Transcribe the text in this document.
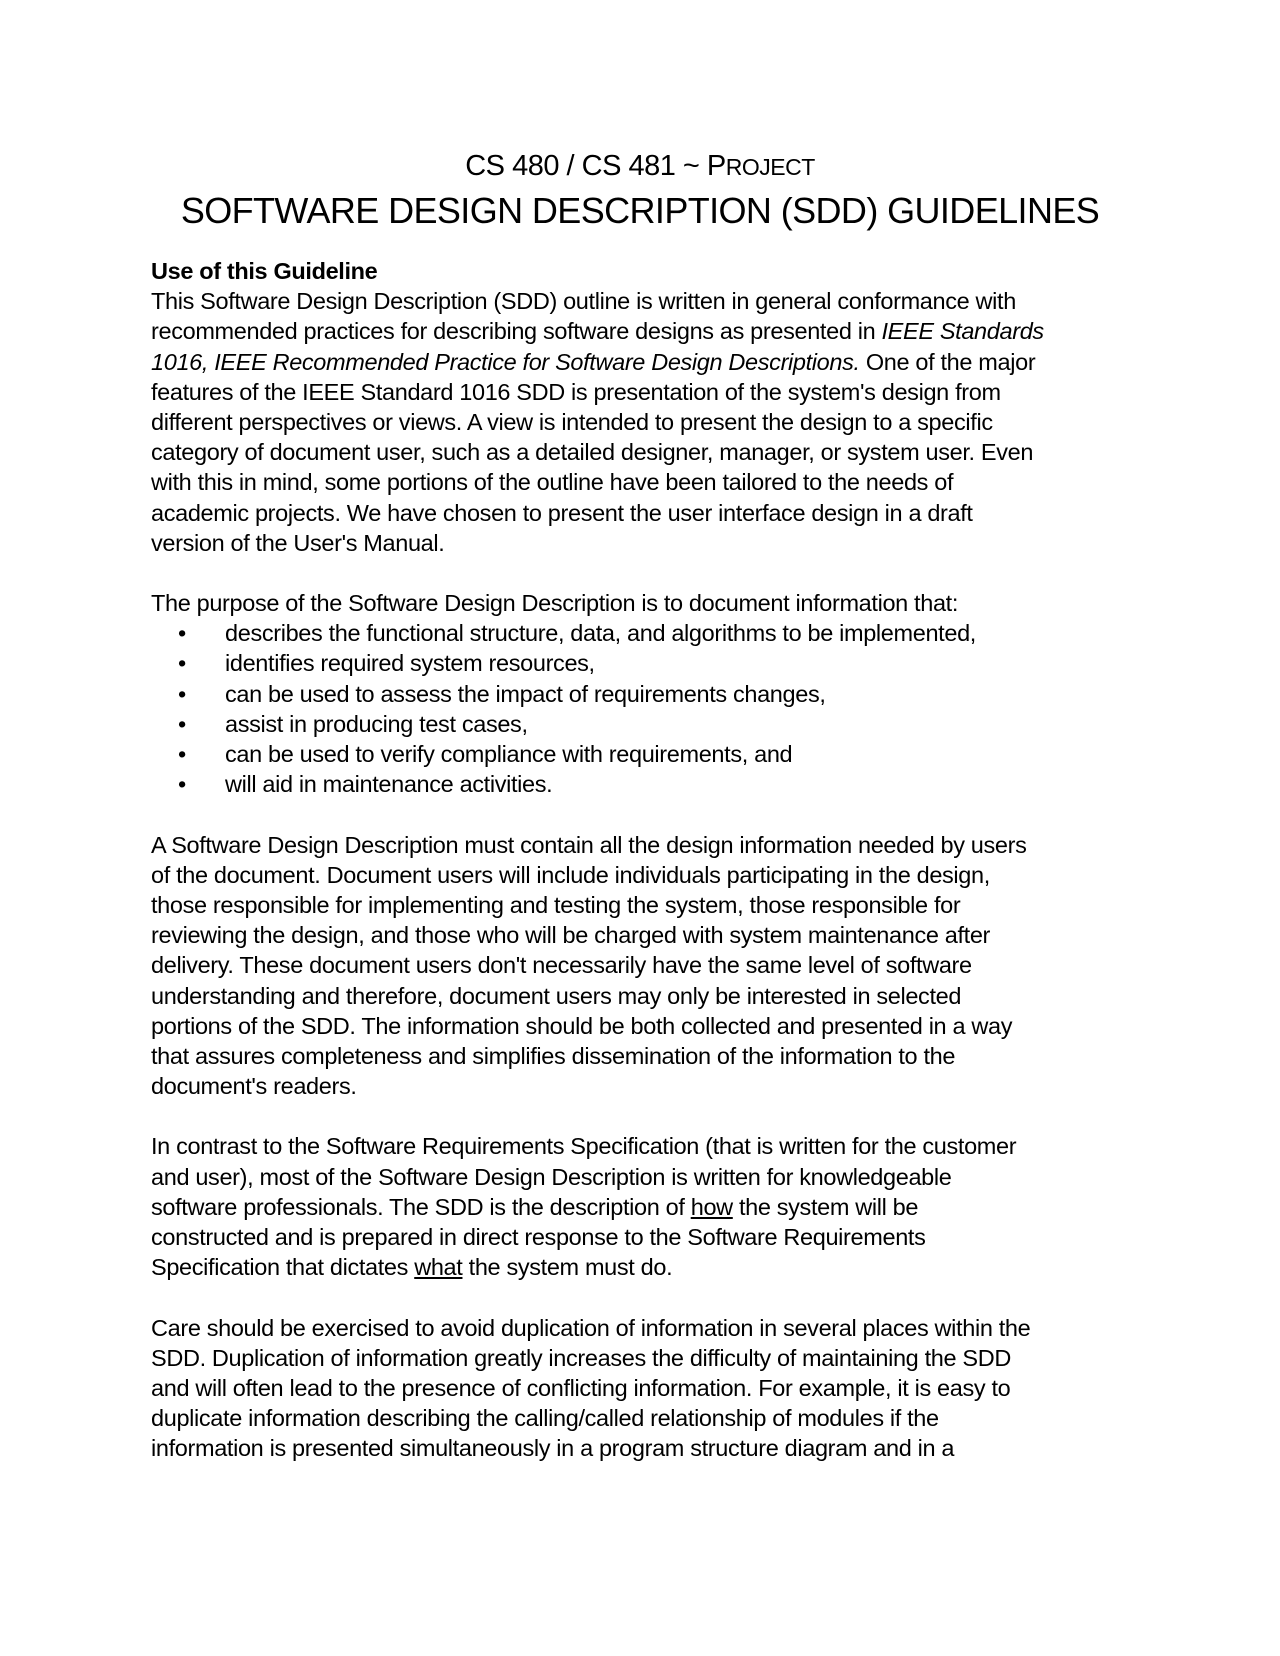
CS 480 / CS 481 ~ PROJECT
SOFTWARE DESIGN DESCRIPTION (SDD) GUIDELINES
Use of this Guideline
This Software Design Description (SDD) outline is written in general conformance with
recommended practices for describing software designs as presented in IEEE Standards
1016, IEEE Recommended Practice for Software Design Descriptions. One of the major
features of the IEEE Standard 1016 SDD is presentation of the system's design from
different perspectives or views. A view is intended to present the design to a specific
category of document user, such as a detailed designer, manager, or system user. Even
with this in mind, some portions of the outline have been tailored to the needs of
academic projects. We have chosen to present the user interface design in a draft
version of the User's Manual.
The purpose of the Software Design Description is to document information that:
• describes the functional structure, data, and algorithms to be implemented,
• identifies required system resources,
• can be used to assess the impact of requirements changes,
• assist in producing test cases,
• can be used to verify compliance with requirements, and
• will aid in maintenance activities.
A Software Design Description must contain all the design information needed by users
of the document. Document users will include individuals participating in the design,
those responsible for implementing and testing the system, those responsible for
reviewing the design, and those who will be charged with system maintenance after
delivery. These document users don't necessarily have the same level of software
understanding and therefore, document users may only be interested in selected
portions of the SDD. The information should be both collected and presented in a way
that assures completeness and simplifies dissemination of the information to the
document's readers.
In contrast to the Software Requirements Specification (that is written for the customer
and user), most of the Software Design Description is written for knowledgeable
software professionals. The SDD is the description of how the system will be
constructed and is prepared in direct response to the Software Requirements
Specification that dictates what the system must do.
Care should be exercised to avoid duplication of information in several places within the
SDD. Duplication of information greatly increases the difficulty of maintaining the SDD
and will often lead to the presence of conflicting information. For example, it is easy to
duplicate information describing the calling/called relationship of modules if the
information is presented simultaneously in a program structure diagram and in a
